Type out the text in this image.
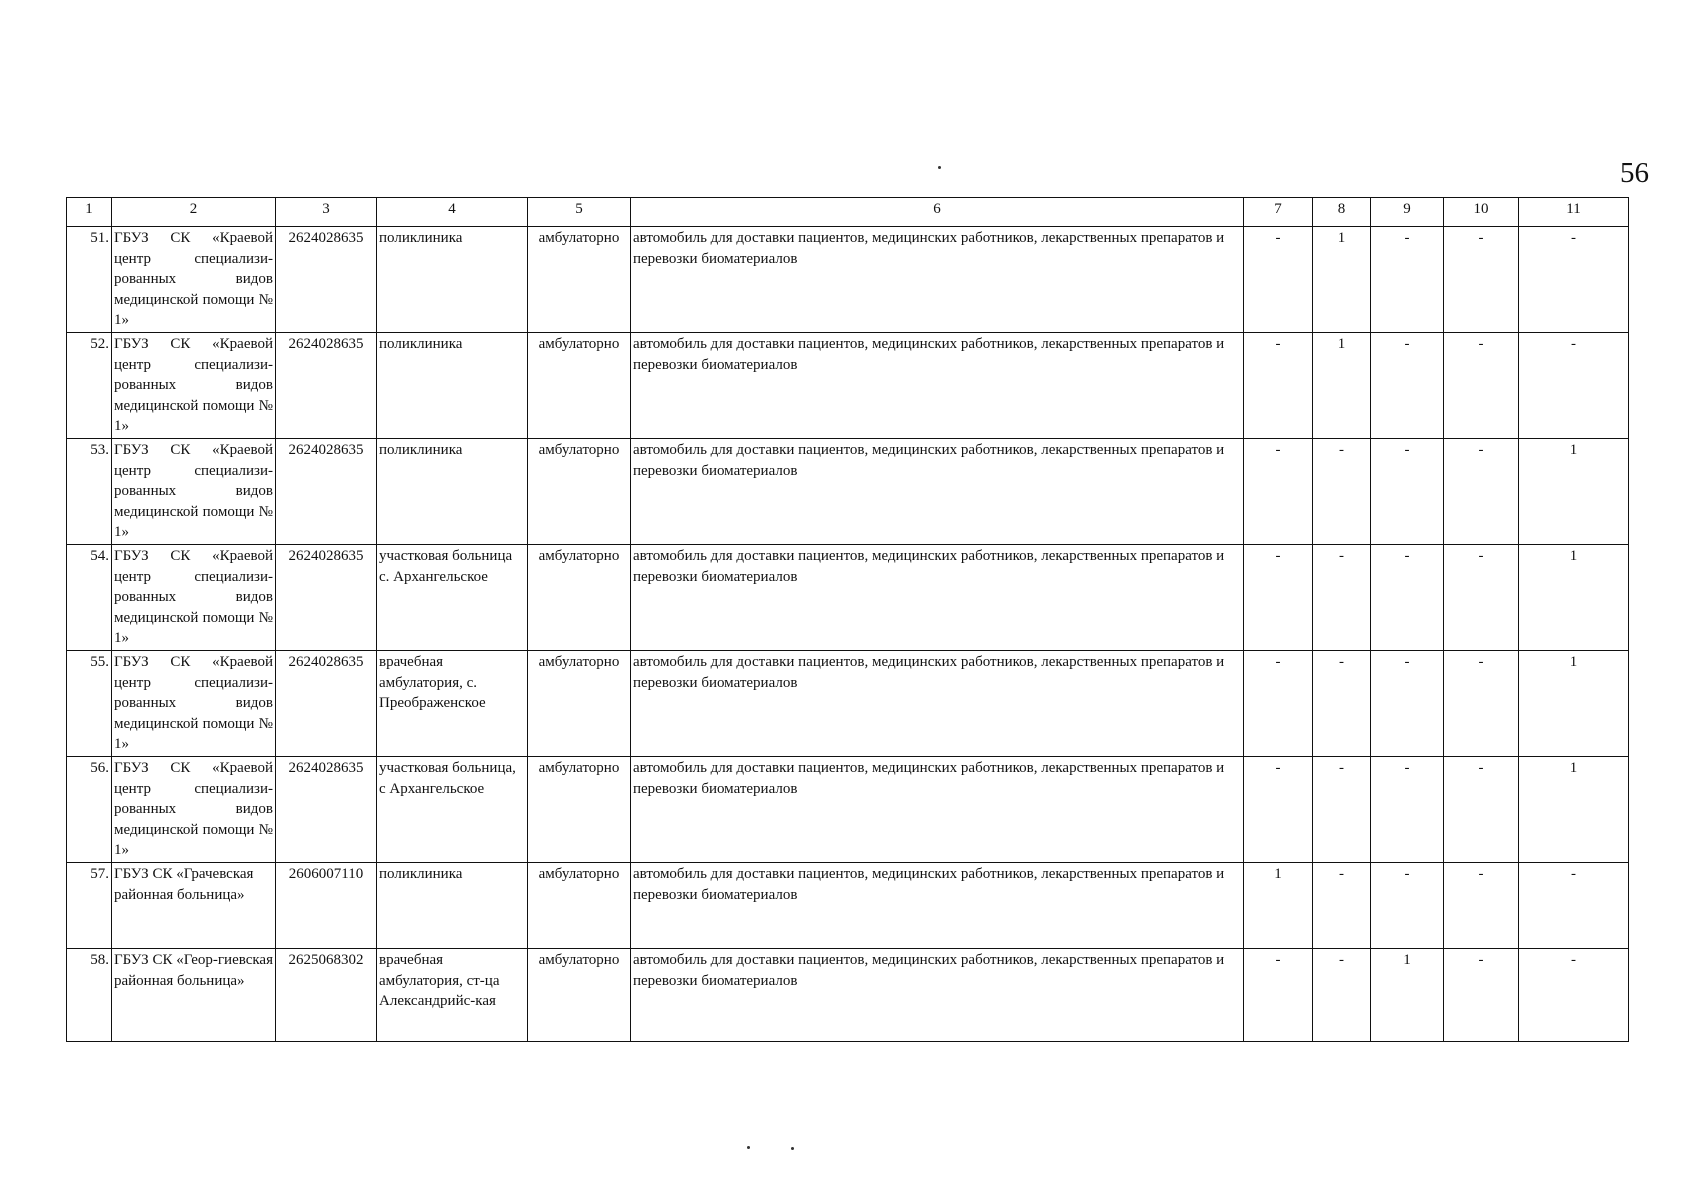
56
1	2	3	4	5	6	7	8	9	10	11
51.	ГБУЗ СК «Краевой центр специализи-рованных видов медицинской помощи № 1»	2624028635	поликлиника	амбулаторно	автомобиль для доставки пациентов, медицинских работников, лекарственных препаратов и перевозки биоматериалов	-	1	-	-	-
52.	ГБУЗ СК «Краевой центр специализи-рованных видов медицинской помощи № 1»	2624028635	поликлиника	амбулаторно	автомобиль для доставки пациентов, медицинских работников, лекарственных препаратов и перевозки биоматериалов	-	1	-	-	-
53.	ГБУЗ СК «Краевой центр специализи-рованных видов медицинской помощи № 1»	2624028635	поликлиника	амбулаторно	автомобиль для доставки пациентов, медицинских работников, лекарственных препаратов и перевозки биоматериалов	-	-	-	-	1
54.	ГБУЗ СК «Краевой центр специализи-рованных видов медицинской помощи № 1»	2624028635	участковая больница с. Архангельское	амбулаторно	автомобиль для доставки пациентов, медицинских работников, лекарственных препаратов и перевозки биоматериалов	-	-	-	-	1
55.	ГБУЗ СК «Краевой центр специализи-рованных видов медицинской помощи № 1»	2624028635	врачебная амбулатория, с. Преображенское	амбулаторно	автомобиль для доставки пациентов, медицинских работников, лекарственных препаратов и перевозки биоматериалов	-	-	-	-	1
56.	ГБУЗ СК «Краевой центр специализи-рованных видов медицинской помощи № 1»	2624028635	участковая больница, с Архангельское	амбулаторно	автомобиль для доставки пациентов, медицинских работников, лекарственных препаратов и перевозки биоматериалов	-	-	-	-	1
57.	ГБУЗ СК «Грачевская районная больница»	2606007110	поликлиника	амбулаторно	автомобиль для доставки пациентов, медицинских работников, лекарственных препаратов и перевозки биоматериалов	1	-	-	-	-
58.	ГБУЗ СК «Геор-гиевская районная больница»	2625068302	врачебная амбулатория, ст-ца Александрийс-кая	амбулаторно	автомобиль для доставки пациентов, медицинских работников, лекарственных препаратов и перевозки биоматериалов	-	-	1	-	-
